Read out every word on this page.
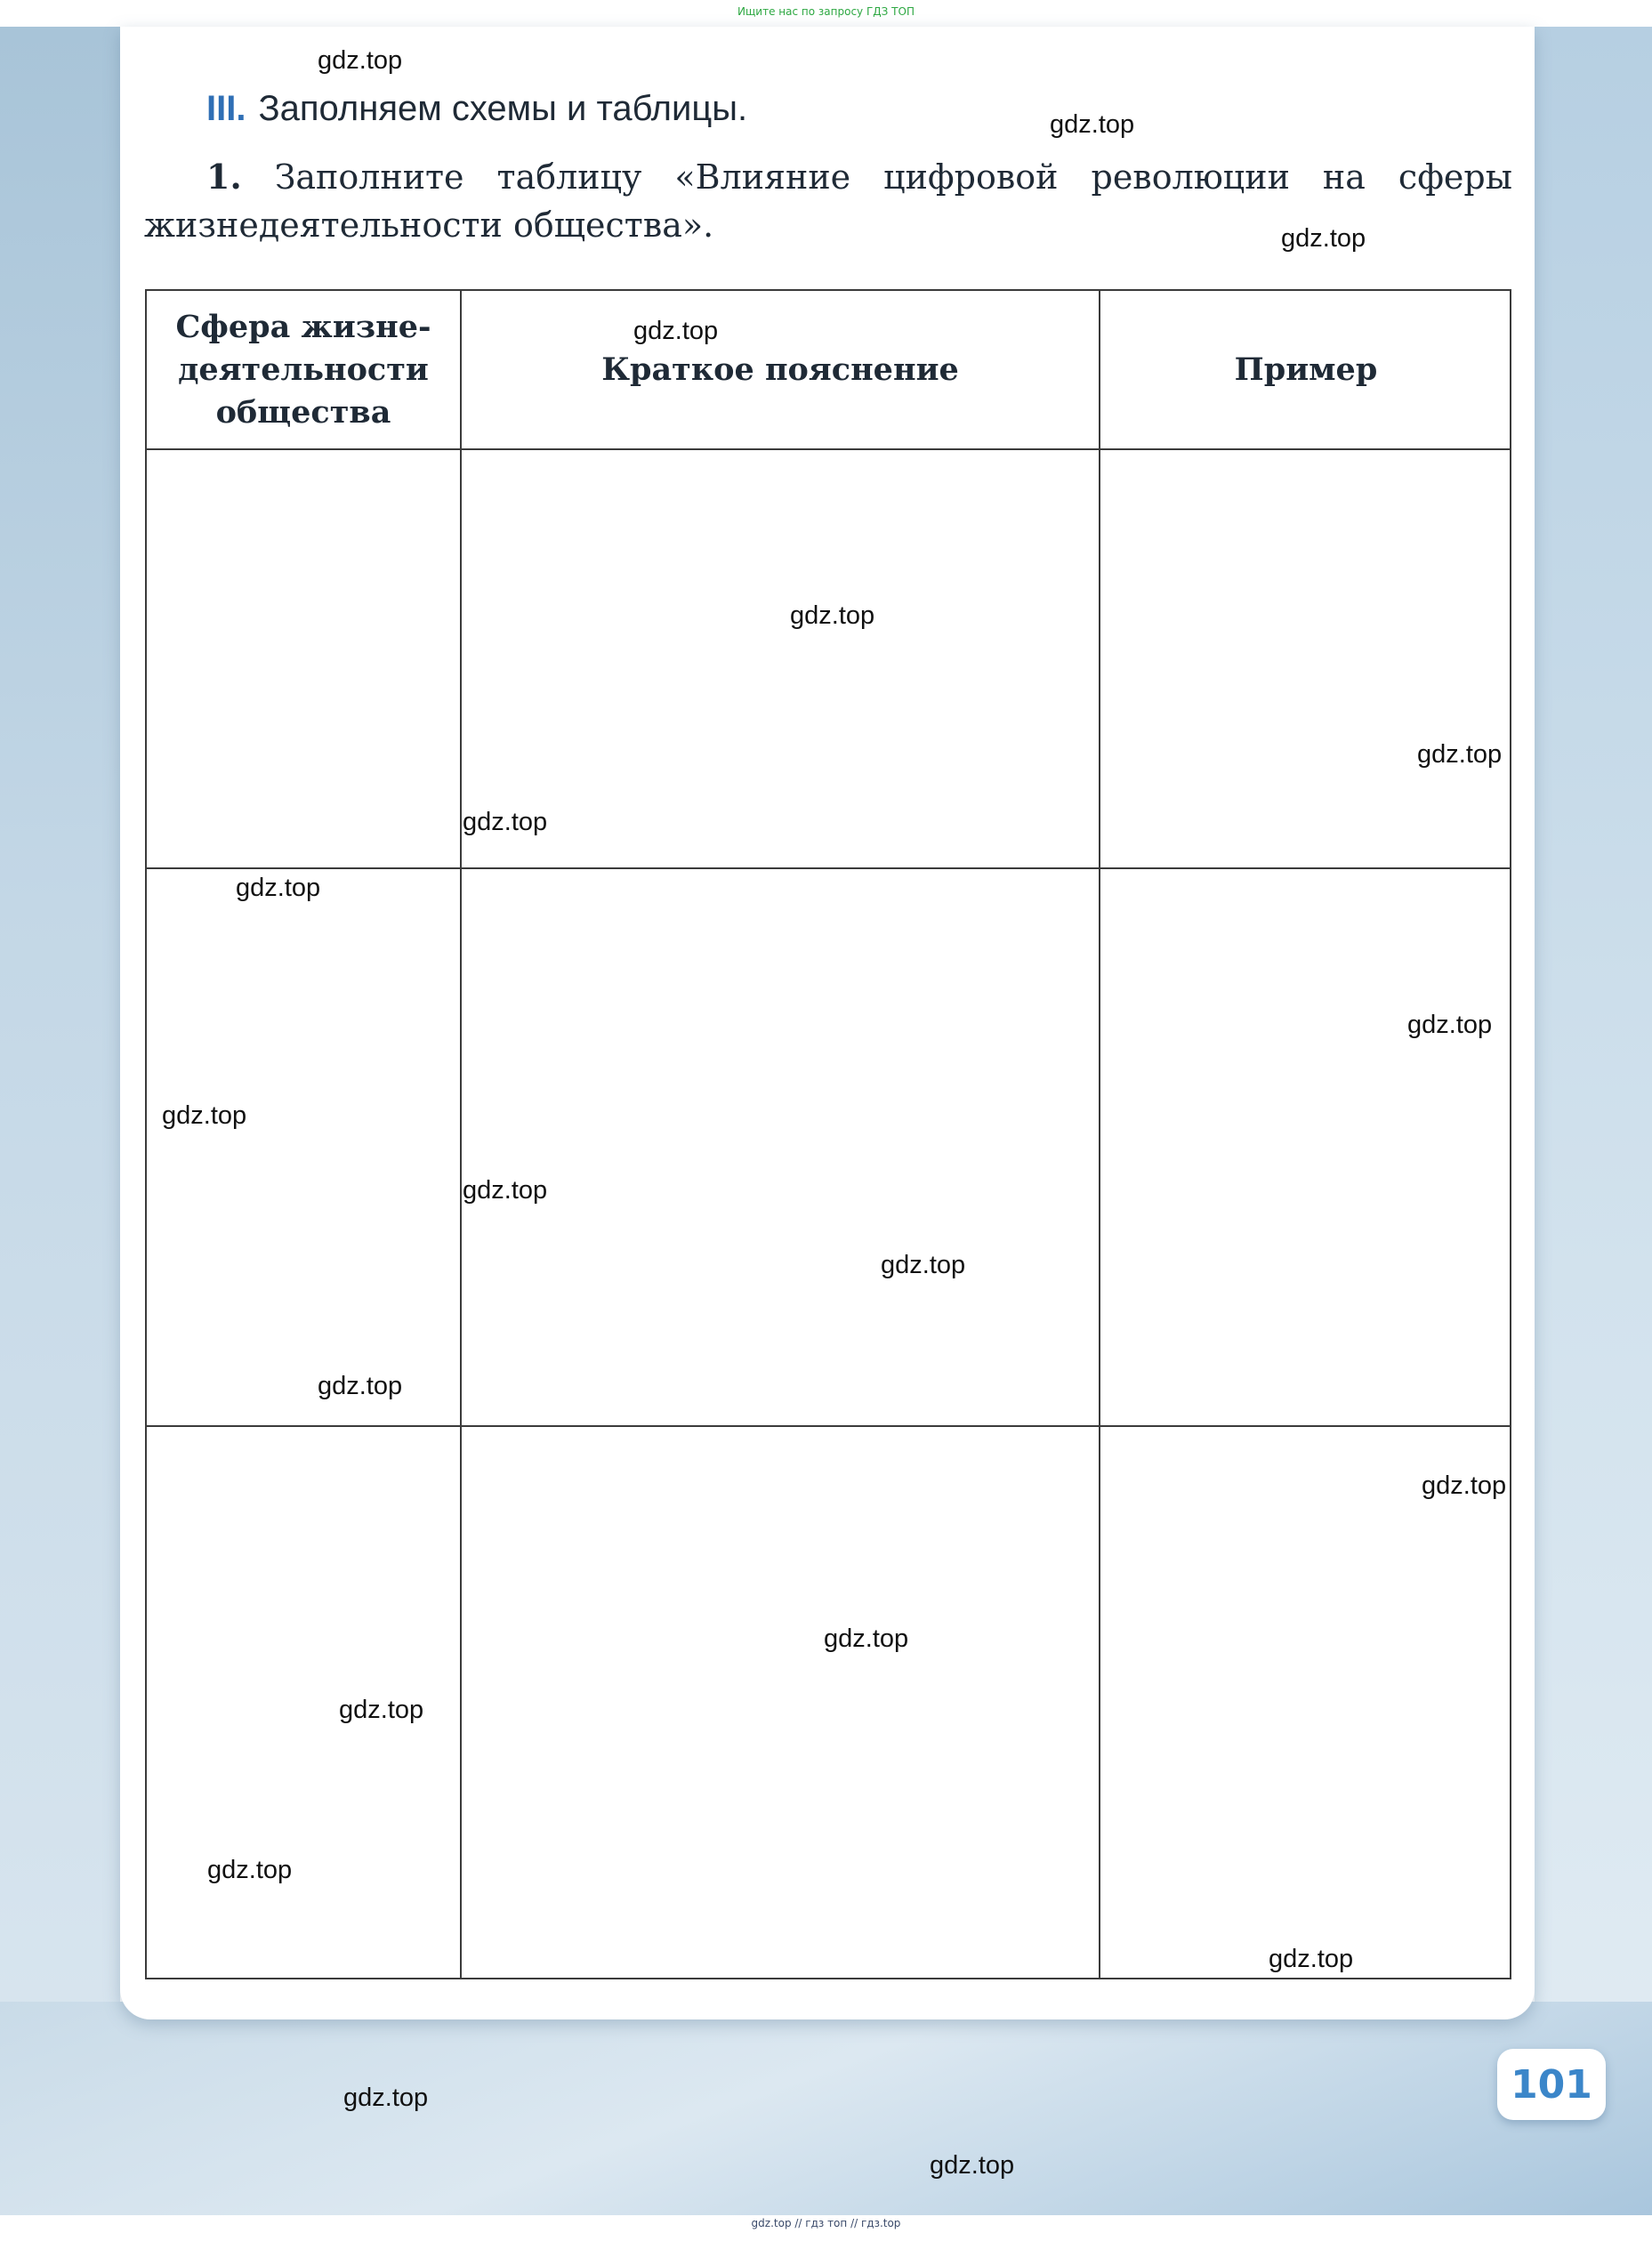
Ищите нас по запросу ГДЗ ТОП
III. Заполняем схемы и таблицы.
1. Заполните таблицу «Влияние цифровой революции на сферы жизнедеятельности общества».
Сфера жизне-деятельности общества
Краткое пояснение	Пример
101
gdz.top
gdz.top
gdz.top
gdz.top
gdz.top
gdz.top
gdz.top
gdz.top
gdz.top
gdz.top
gdz.top
gdz.top
gdz.top
gdz.top
gdz.top
gdz.top
gdz.top
gdz.top
gdz.top
gdz.top
gdz.top // гдз топ // гдз.top
